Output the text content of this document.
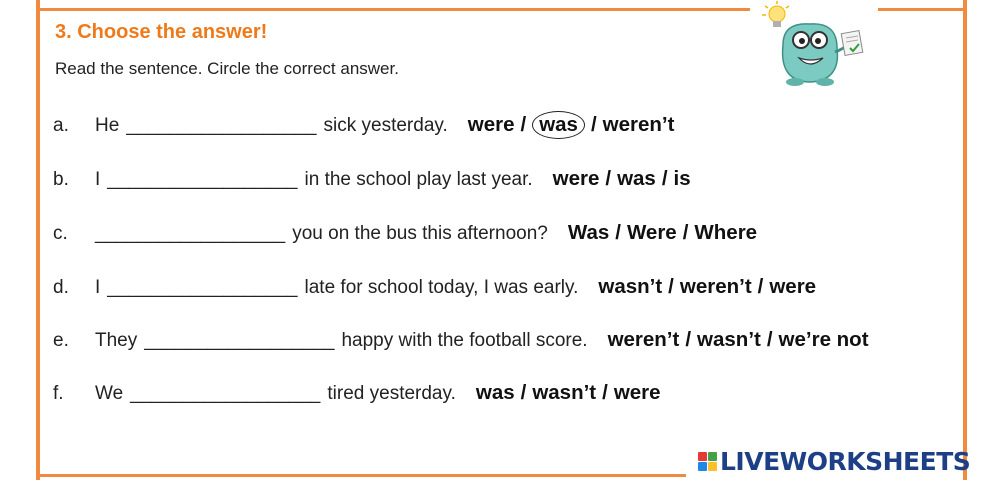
3. Choose the answer!
Read the sentence. Circle the correct answer.
a.	He __________________ sick yesterday. were / was / weren’t
b.	I __________________ in the school play last year. were / was / is
c.	__________________ you on the bus this afternoon? Was / Were / Where
d.	I __________________ late for school today, I was early. wasn’t / weren’t / were
e.	They __________________ happy with the football score. weren’t / wasn’t / we’re not
f.	We __________________ tired yesterday. was / wasn’t / were
LIVEWORKSHEETS
